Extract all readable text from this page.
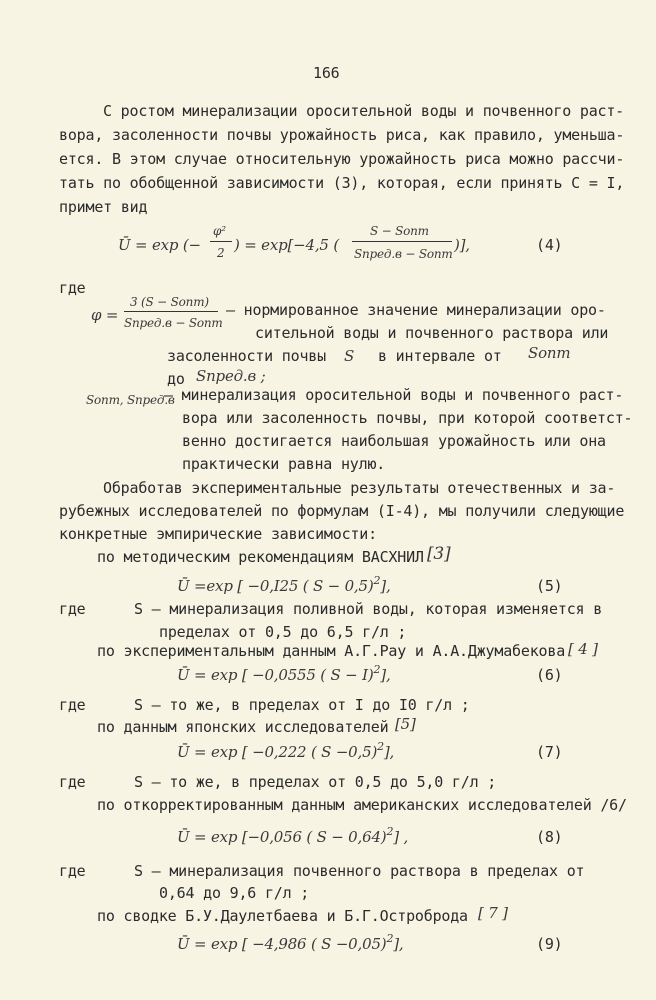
166
С ростом минерализации оросительной воды и почвенного раст-
вора, засоленности почвы урожайность риса, как правило, уменьша-
ется. В этом случае относительную урожайность риса можно рассчи-
тать по обобщенной зависимости (3), которая, если принять C = I,
примет вид
Ū = exp (−
φ²
2 ) = exp[−4,5 (
S − Sопт
Sпред.в − Sопт )],	(4)
где
φ =
3 (S − Sопт)
Sпред.в − Sопт
– нормированное значение минерализации оро-
сительной воды и почвенного раствора или
засоленности почвы S в интервале от Sопт
до Sпред.в ;
Sопт, Sпред.в
– минерализация оросительной воды и почвенного раст-
вора или засоленность почвы, при которой соответст-
венно достигается наибольшая урожайность или она
практически равна нулю.
Обработав экспериментальные результаты отечественных и за-
рубежных исследователей по формулам (I-4), мы получили следующие
конкретные эмпирические зависимости:
по методическим рекомендациям ВАСХНИЛ [3]
Ū =exp [ −0,I25 ( S − 0,5)$^2$],	(5)
где	S – минерализация поливной воды, которая изменяется в
пределах от 0,5 до 6,5 г/л ;
по экспериментальным данным А.Г.Рау и А.А.Джумабекова [ 4 ]
Ū = exp [ −0,0555 ( S − I)$^2$],	(6)
где	S – то же, в пределах от I до I0 г/л ;
по данным японских исследователей [5]
Ū = exp [ −0,222 ( S −0,5)$^2$],	(7)
где	S – то же, в пределах от 0,5 до 5,0 г/л ;
по откорректированным данным американских исследователей /6/
Ū = exp [−0,056 ( S − 0,64)$^2$] ,	(8)
где	S – минерализация почвенного раствора в пределах от
0,64 до 9,6 г/л ;
по сводке Б.У.Даулетбаева и Б.Г.Остроброда [ 7 ]
Ū = exp [ −4,986 ( S −0,05)$^2$],	(9)
